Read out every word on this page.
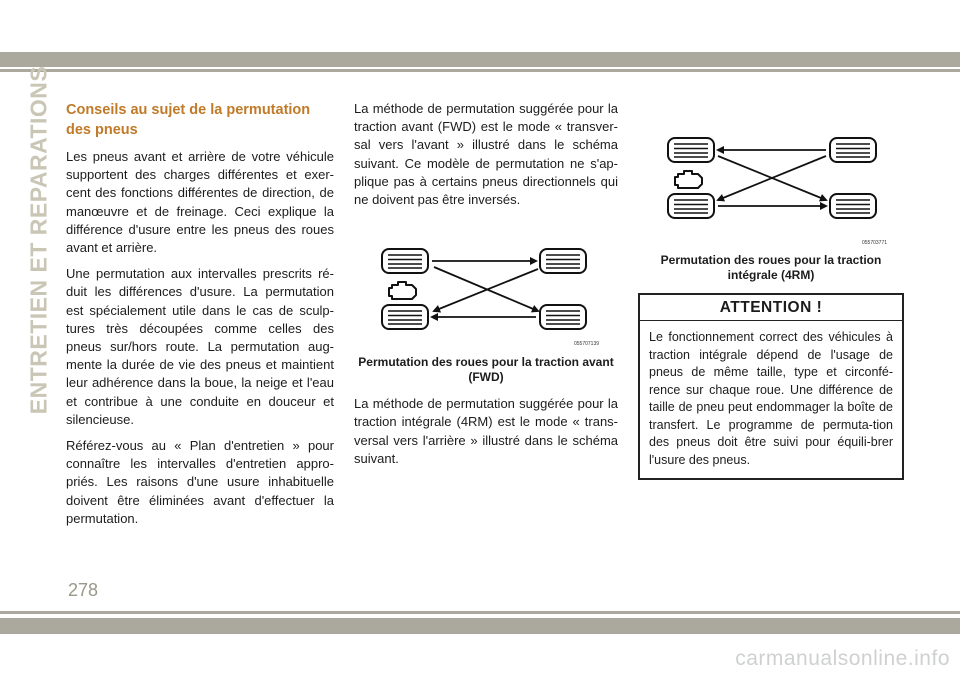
ENTRETIEN ET REPARATIONS Conseils au sujet de la permutation des pneus

Les pneus avant et arrière de votre véhicule supportent des charges différentes et exer-cent des fonctions différentes de direction, de manœuvre et de freinage. Ceci explique la différence d'usure entre les pneus des roues avant et arrière.

Une permutation aux intervalles prescrits ré-duit les différences d'usure. La permutation est spécialement utile dans le cas de sculp-tures très découpées comme celles des pneus sur/hors route. La permutation aug-mente la durée de vie des pneus et maintient leur adhérence dans la boue, la neige et l'eau et contribue à une conduite en douceur et silencieuse.

Référez-vous au « Plan d'entretien » pour connaître les intervalles d'entretien appro-priés. Les raisons d'une usure inhabituelle doivent être éliminées avant d'effectuer la permutation.

La méthode de permutation suggérée pour la traction avant (FWD) est le mode « transver-sal vers l'avant » illustré dans le schéma suivant. Ce modèle de permutation ne s'ap-plique pas à certains pneus directionnels qui ne doivent pas être inversés.

055707139
Permutation des roues pour la traction avant (FWD)

La méthode de permutation suggérée pour la traction intégrale (4RM) est le mode « trans-versal vers l'arrière » illustré dans le schéma suivant.

055703771
Permutation des roues pour la traction intégrale (4RM)
ATTENTION !
Le fonctionnement correct des véhicules à traction intégrale dépend de l'usage de pneus de même taille, type et circonfé-rence sur chaque roue. Une différence de taille de pneu peut endommager la boîte de transfert. Le programme de permuta-tion des pneus doit être suivi pour équili-brer l'usure des pneus.
278
carmanualsonline.info
